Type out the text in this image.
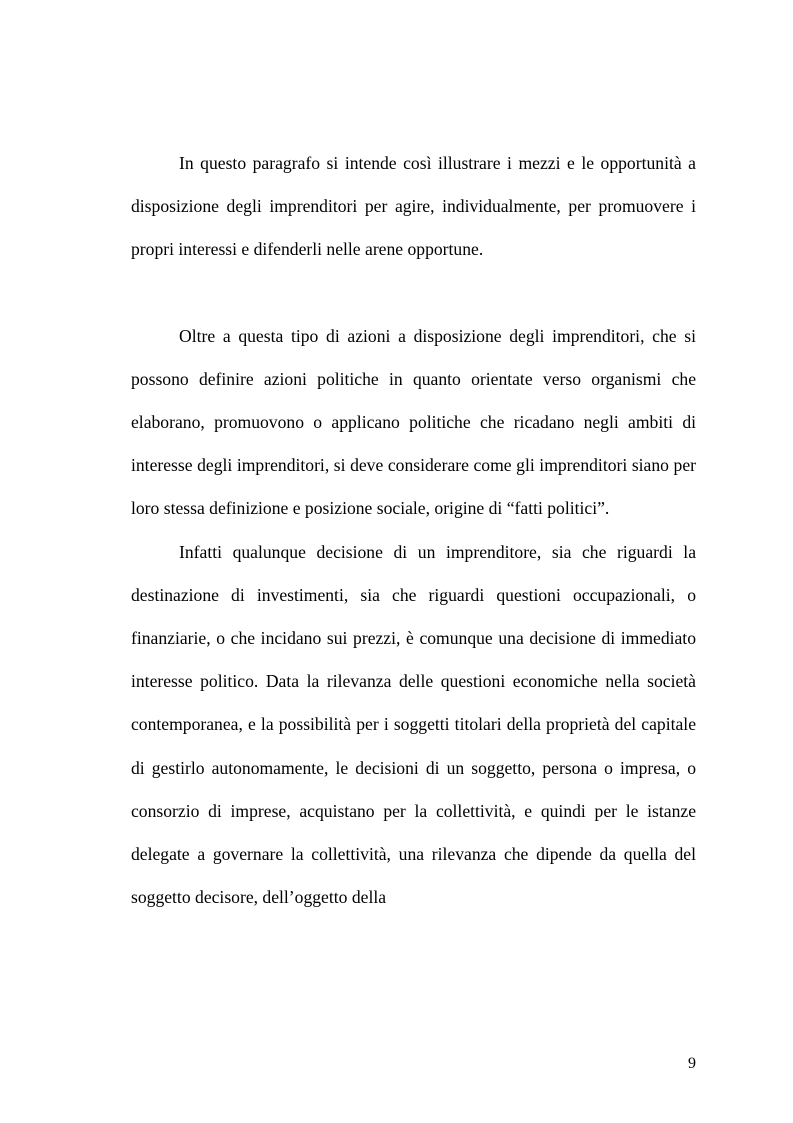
In questo paragrafo si intende così illustrare i mezzi e le opportunità a disposizione degli imprenditori per agire, individualmente, per promuovere i propri interessi e difenderli nelle arene opportune.

Oltre a questa tipo di azioni a disposizione degli imprenditori, che si possono definire azioni politiche in quanto orientate verso organismi che elaborano, promuovono o applicano politiche che ricadano negli ambiti di interesse degli imprenditori, si deve considerare come gli imprenditori siano per loro stessa definizione e posizione sociale, origine di “fatti politici”.

Infatti qualunque decisione di un imprenditore, sia che riguardi la destinazione di investimenti, sia che riguardi questioni occupazionali, o finanziarie, o che incidano sui prezzi, è comunque una decisione di immediato interesse politico. Data la rilevanza delle questioni economiche nella società contemporanea, e la possibilità per i soggetti titolari della proprietà del capitale di gestirlo autonomamente, le decisioni di un soggetto, persona o impresa, o consorzio di imprese, acquistano per la collettività, e quindi per le istanze delegate a governare la collettività, una rilevanza che dipende da quella del soggetto decisore, dell’oggetto della

9
